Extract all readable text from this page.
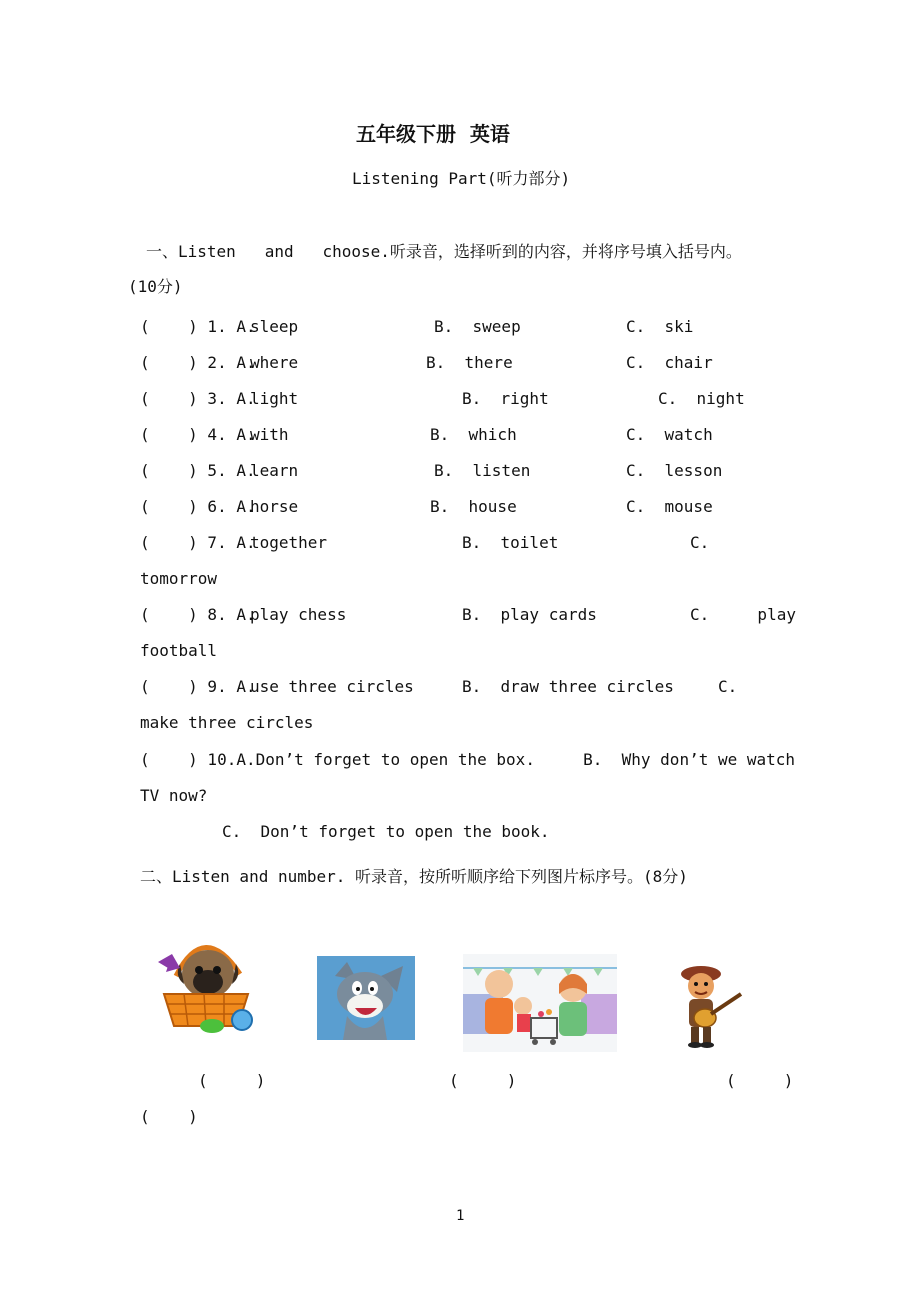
五年级下册  英语
Listening Part(听力部分)
一、Listen   and   choose.听录音，选择听到的内容，并将序号填入括号内。
(10分)
(    ) 1. A.
sleep	B.  sweep	C.  ski
(    ) 2. A.
where	B.  there	C.  chair
(    ) 3. A.
light	B.  right	C.  night
(    ) 4. A.
with	B.  which	C.  watch
(    ) 5. A.
learn	B.  listen	C.  lesson
(    ) 6. A.
horse	B.  house	C.  mouse
(    ) 7. A.
together	B.  toilet	C.
tomorrow
(    ) 8. A.
play chess	B.  play cards	C.     play
football
(    ) 9. A.
use three circles	B.  draw three circles	C.
make three circles
(    ) 10.A.Don’t forget to open the box.     B.  Why don’t we watch
TV now?
C.  Don’t forget to open the book.
二、Listen and number. 听录音，按所听顺序给下列图片标序号。(8分)
(     )	(     )	(     )
(    )
1
